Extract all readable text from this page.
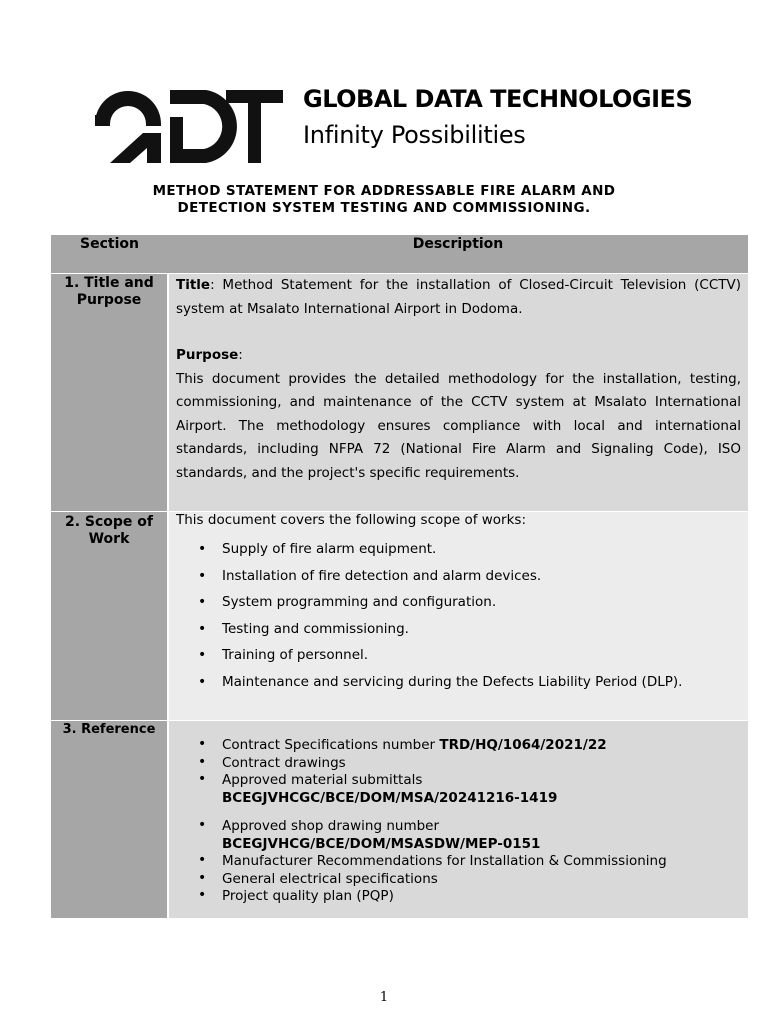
GLOBAL DATA TECHNOLOGIES
Infinity Possibilities
METHOD STATEMENT FOR ADDRESSABLE FIRE ALARM AND
DETECTION SYSTEM TESTING AND COMMISSIONING.
Section	Description
1. Title and
Purpose

Title: Method Statement for the installation of Closed-Circuit Television (CCTV) system at Msalato International Airport in Dodoma.

Purpose:

This document provides the detailed methodology for the installation, testing, commissioning, and maintenance of the CCTV system at Msalato International Airport. The methodology ensures compliance with local and international standards, including NFPA 72 (National Fire Alarm and Signaling Code), ISO standards, and the project's specific requirements.

2. Scope of
Work
This document covers the following scope of works:
• Supply of fire alarm equipment.
• Installation of fire detection and alarm devices.
• System programming and configuration.
• Testing and commissioning.
• Training of personnel.
• Maintenance and servicing during the Defects Liability Period (DLP).
3. Reference
• Contract Specifications number TRD/HQ/1064/2021/22
• Contract drawings
• Approved material submittals
BCEGJVHCGC/BCE/DOM/MSA/20241216-1419
• Approved shop drawing number
BCEGJVHCG/BCE/DOM/MSASDW/MEP-0151
• Manufacturer Recommendations for Installation & Commissioning
• General electrical specifications
• Project quality plan (PQP)
1
